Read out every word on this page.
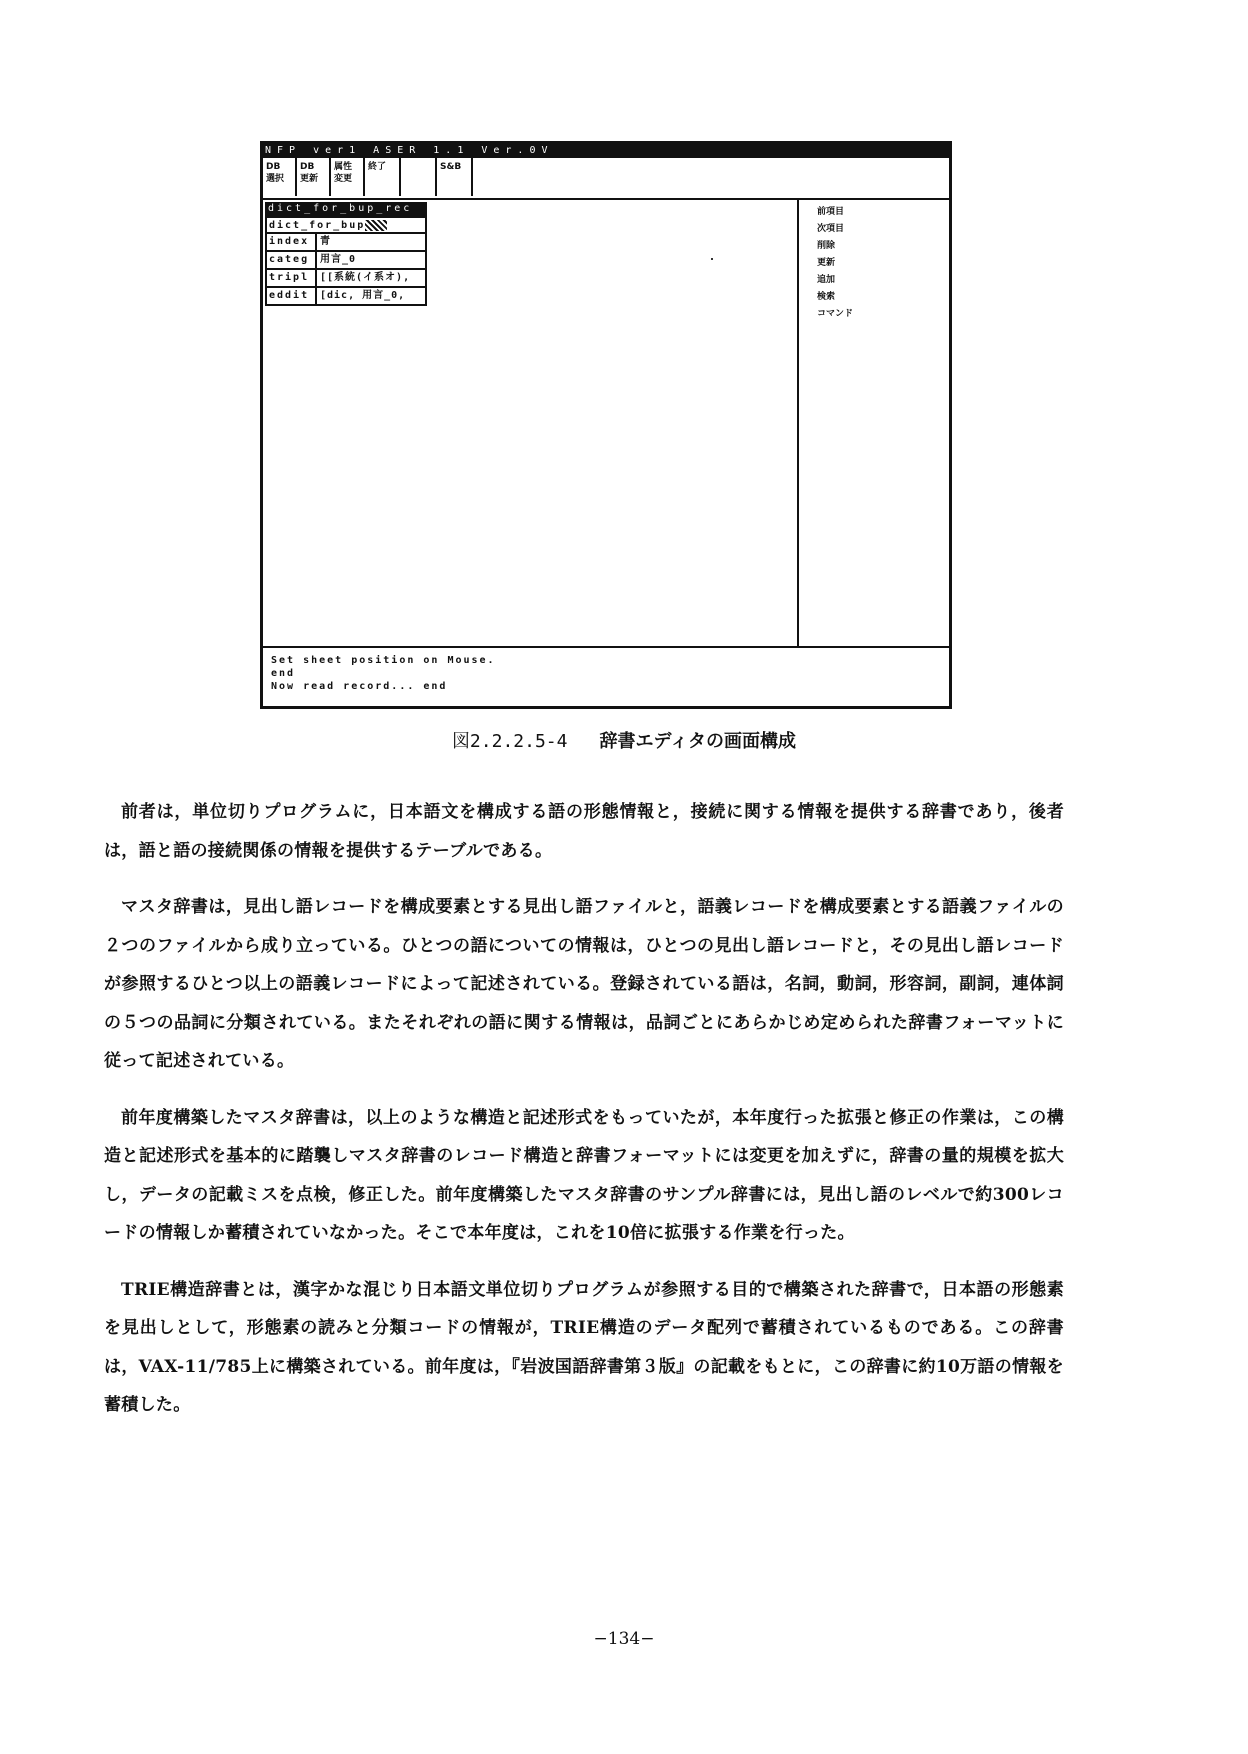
NFP ver1 ASER 1.1 Ver.0V
DB
選択
DB
更新
属性
変更
終了	S&B
dict_for_bup_rec
dict_for_bup
index	青
categ	用言_0
tripl	[[系統(イ系オ),
eddit	[dic, 用言_0,
前項目
次項目
削除
更新
追加
検索
コマンド
Set sheet position on Mouse.
end
Now read record... end
図2.2.2.5-4 辞書エディタの画面構成

前者は，単位切りプログラムに，日本語文を構成する語の形態情報と，接続に関する情報を提供する辞書であり，後者は，語と語の接続関係の情報を提供するテーブルである。

マスタ辞書は，見出し語レコードを構成要素とする見出し語ファイルと，語義レコードを構成要素とする語義ファイルの２つのファイルから成り立っている。ひとつの語についての情報は，ひとつの見出し語レコードと，その見出し語レコードが参照するひとつ以上の語義レコードによって記述されている。登録されている語は，名詞，動詞，形容詞，副詞，連体詞の５つの品詞に分類されている。またそれぞれの語に関する情報は，品詞ごとにあらかじめ定められた辞書フォーマットに従って記述されている。

前年度構築したマスタ辞書は，以上のような構造と記述形式をもっていたが，本年度行った拡張と修正の作業は，この構造と記述形式を基本的に踏襲しマスタ辞書のレコード構造と辞書フォーマットには変更を加えずに，辞書の量的規模を拡大し，データの記載ミスを点検，修正した。前年度構築したマスタ辞書のサンプル辞書には，見出し語のレベルで約300レコードの情報しか蓄積されていなかった。そこで本年度は，これを10倍に拡張する作業を行った。

TRIE構造辞書とは，漢字かな混じり日本語文単位切りプログラムが参照する目的で構築された辞書で，日本語の形態素を見出しとして，形態素の読みと分類コードの情報が，TRIE構造のデータ配列で蓄積されているものである。この辞書は，VAX-11/785上に構築されている。前年度は，『岩波国語辞書第３版』の記載をもとに，この辞書に約10万語の情報を蓄積した。

−134−
